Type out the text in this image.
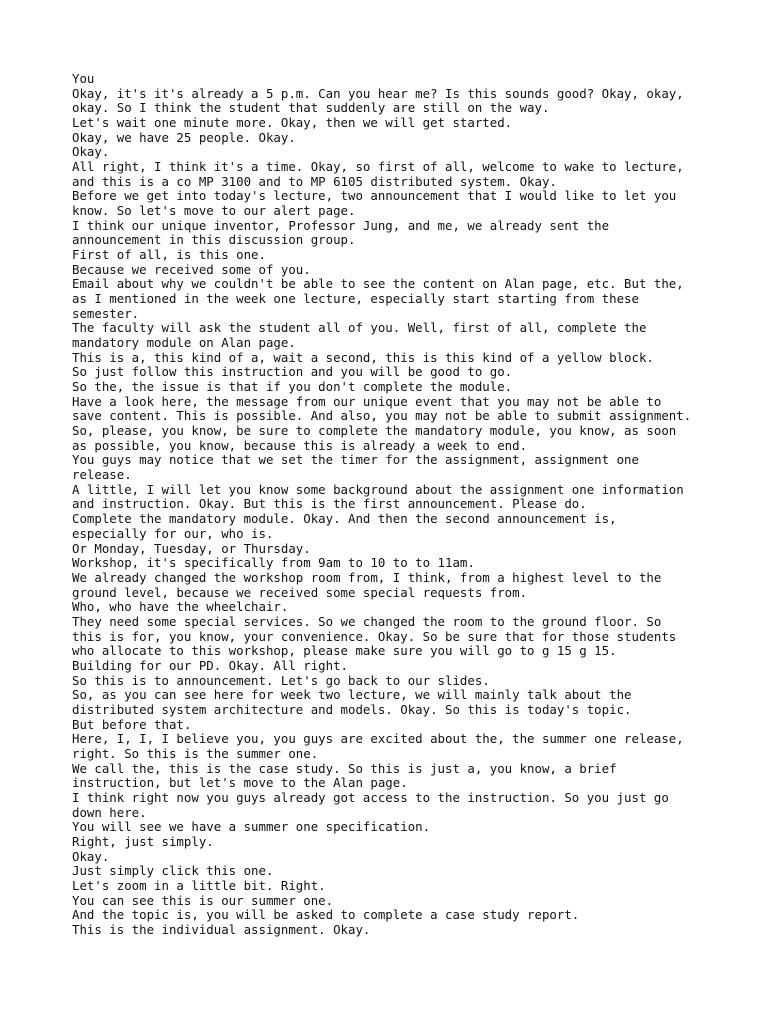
You

Okay, it's it's already a 5 p.m. Can you hear me? Is this sounds good? Okay, okay,

okay. So I think the student that suddenly are still on the way.

Let's wait one minute more. Okay, then we will get started.

Okay, we have 25 people. Okay.

Okay.

All right, I think it's a time. Okay, so first of all, welcome to wake to lecture,

and this is a co MP 3100 and to MP 6105 distributed system. Okay.

Before we get into today's lecture, two announcement that I would like to let you

know. So let's move to our alert page.

I think our unique inventor, Professor Jung, and me, we already sent the

announcement in this discussion group.

First of all, is this one.

Because we received some of you.

Email about why we couldn't be able to see the content on Alan page, etc. But the,

as I mentioned in the week one lecture, especially start starting from these

semester.

The faculty will ask the student all of you. Well, first of all, complete the

mandatory module on Alan page.

This is a, this kind of a, wait a second, this is this kind of a yellow block.

So just follow this instruction and you will be good to go.

So the, the issue is that if you don't complete the module.

Have a look here, the message from our unique event that you may not be able to

save content. This is possible. And also, you may not be able to submit assignment.

So, please, you know, be sure to complete the mandatory module, you know, as soon

as possible, you know, because this is already a week to end.

You guys may notice that we set the timer for the assignment, assignment one

release.

A little, I will let you know some background about the assignment one information

and instruction. Okay. But this is the first announcement. Please do.

Complete the mandatory module. Okay. And then the second announcement is,

especially for our, who is.

Or Monday, Tuesday, or Thursday.

Workshop, it's specifically from 9am to 10 to to 11am.

We already changed the workshop room from, I think, from a highest level to the

ground level, because we received some special requests from.

Who, who have the wheelchair.

They need some special services. So we changed the room to the ground floor. So

this is for, you know, your convenience. Okay. So be sure that for those students

who allocate to this workshop, please make sure you will go to g 15 g 15.

Building for our PD. Okay. All right.

So this is to announcement. Let's go back to our slides.

So, as you can see here for week two lecture, we will mainly talk about the

distributed system architecture and models. Okay. So this is today's topic.

But before that.

Here, I, I, I believe you, you guys are excited about the, the summer one release,

right. So this is the summer one.

We call the, this is the case study. So this is just a, you know, a brief

instruction, but let's move to the Alan page.

I think right now you guys already got access to the instruction. So you just go

down here.

You will see we have a summer one specification.

Right, just simply.

Okay.

Just simply click this one.

Let's zoom in a little bit. Right.

You can see this is our summer one.

And the topic is, you will be asked to complete a case study report.

This is the individual assignment. Okay.
